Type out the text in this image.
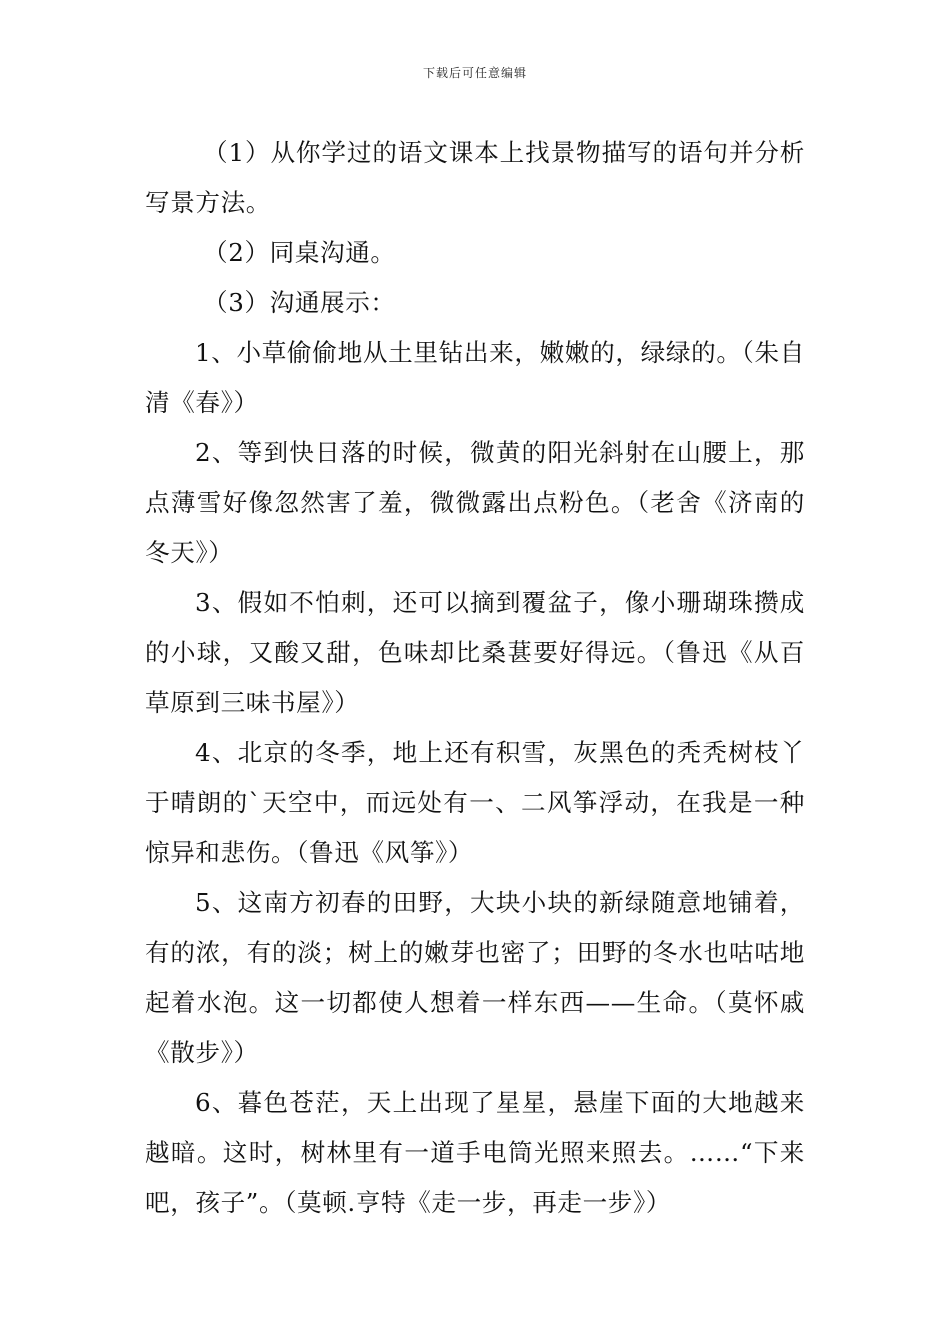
下载后可任意编辑

（1）从你学过的语文课本上找景物描写的语句并分析写景方法。

（2）同桌沟通。

（3）沟通展示：

1、小草偷偷地从土里钻出来，嫩嫩的，绿绿的。（朱自清《春》）

2、等到快日落的时候，微黄的阳光斜射在山腰上，那点薄雪好像忽然害了羞，微微露出点粉色。（老舍《济南的冬天》）

3、假如不怕刺，还可以摘到覆盆子，像小珊瑚珠攒成的小球，又酸又甜，色味却比桑葚要好得远。（鲁迅《从百草原到三味书屋》）

4、北京的冬季，地上还有积雪，灰黑色的秃秃树枝丫于晴朗的`天空中，而远处有一、二风筝浮动，在我是一种惊异和悲伤。（鲁迅《风筝》）

5、这南方初春的田野，大块小块的新绿随意地铺着，有的浓，有的淡；树上的嫩芽也密了；田野的冬水也咕咕地起着水泡。这一切都使人想着一样东西——生命。（莫怀戚《散步》）

6、暮色苍茫，天上出现了星星，悬崖下面的大地越来越暗。这时，树林里有一道手电筒光照来照去。……“下来吧，孩子”。（莫顿.亨特《走一步，再走一步》）
